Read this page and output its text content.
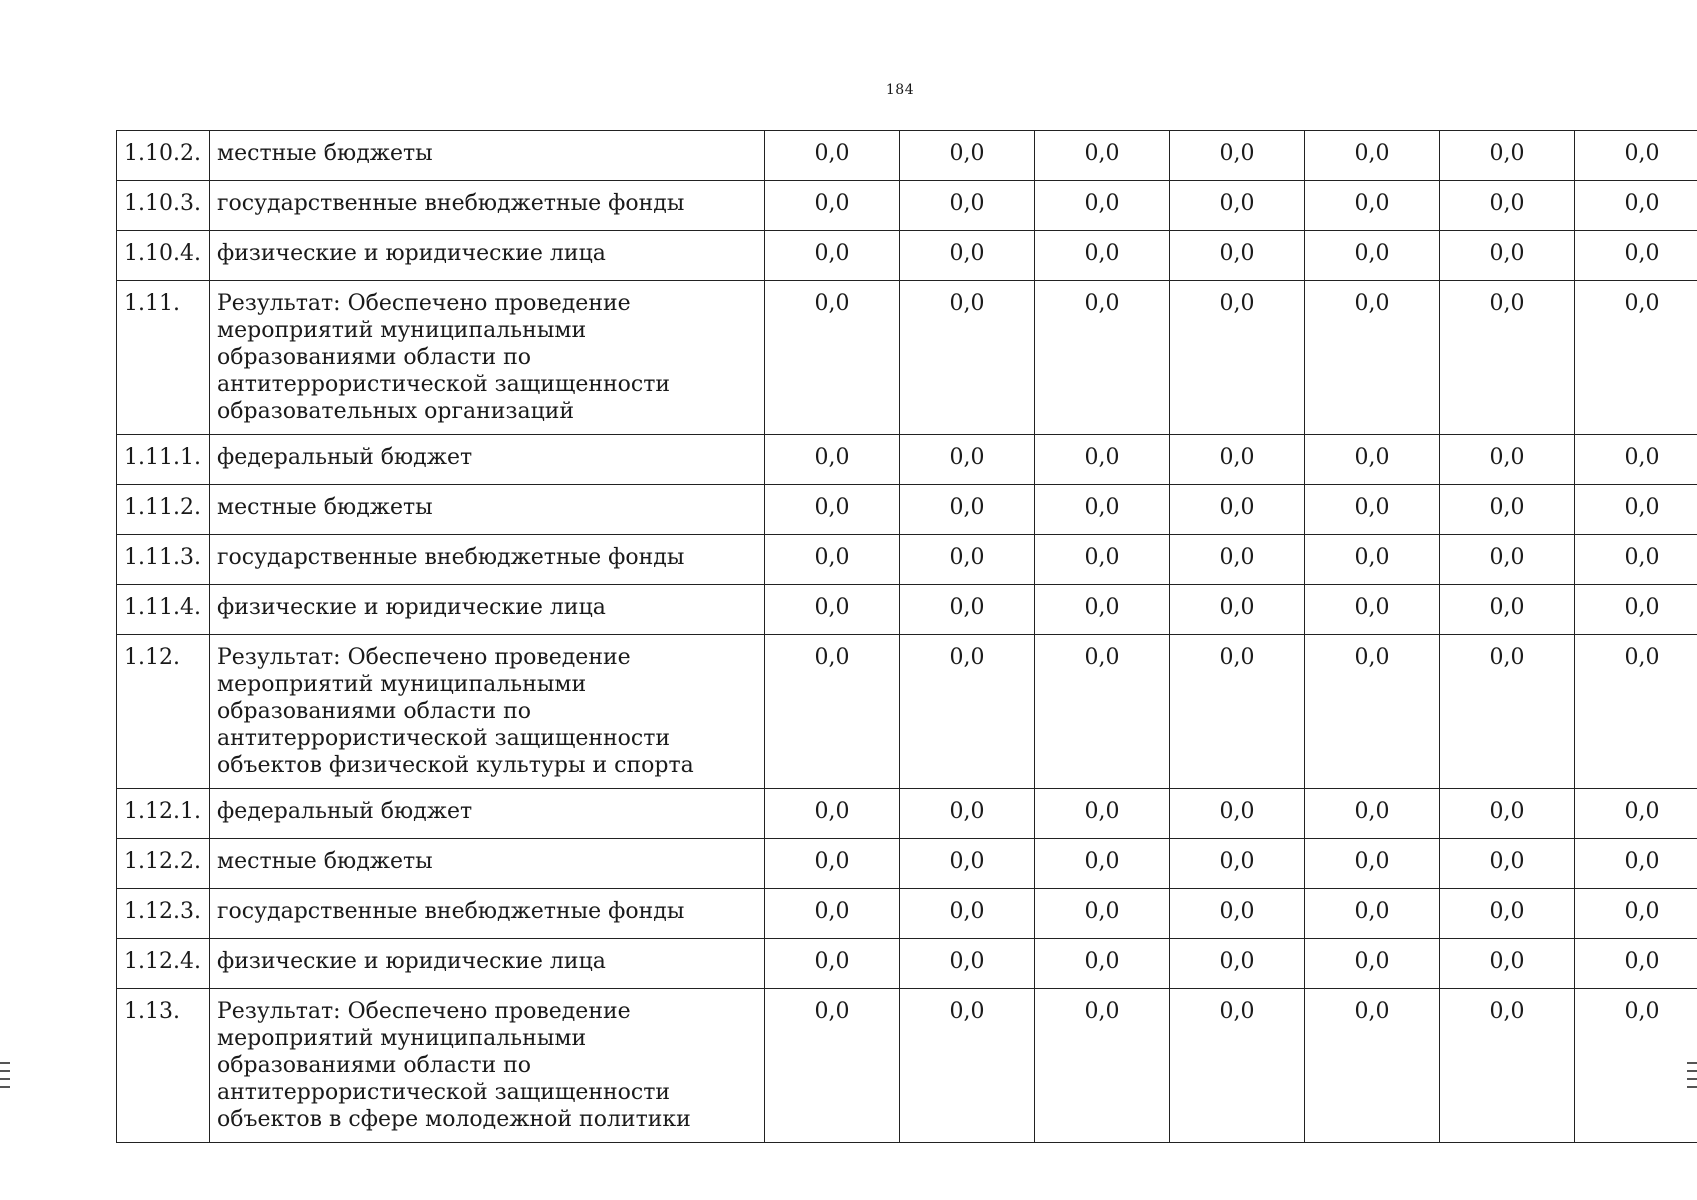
184
1.10.2.	местные бюджеты	0,0	0,0	0,0	0,0	0,0	0,0	0,0
1.10.3.	государственные внебюджетные фонды	0,0	0,0	0,0	0,0	0,0	0,0	0,0
1.10.4.	физические и юридические лица	0,0	0,0	0,0	0,0	0,0	0,0	0,0
1.11.	Результат: Обеспечено проведение мероприятий муниципальными образованиями области по антитеррористической защищенности образовательных организаций	0,0	0,0	0,0	0,0	0,0	0,0	0,0
1.11.1.	федеральный бюджет	0,0	0,0	0,0	0,0	0,0	0,0	0,0
1.11.2.	местные бюджеты	0,0	0,0	0,0	0,0	0,0	0,0	0,0
1.11.3.	государственные внебюджетные фонды	0,0	0,0	0,0	0,0	0,0	0,0	0,0
1.11.4.	физические и юридические лица	0,0	0,0	0,0	0,0	0,0	0,0	0,0
1.12.	Результат: Обеспечено проведение мероприятий муниципальными образованиями области по антитеррористической защищенности объектов физической культуры и спорта	0,0	0,0	0,0	0,0	0,0	0,0	0,0
1.12.1.	федеральный бюджет	0,0	0,0	0,0	0,0	0,0	0,0	0,0
1.12.2.	местные бюджеты	0,0	0,0	0,0	0,0	0,0	0,0	0,0
1.12.3.	государственные внебюджетные фонды	0,0	0,0	0,0	0,0	0,0	0,0	0,0
1.12.4.	физические и юридические лица	0,0	0,0	0,0	0,0	0,0	0,0	0,0
1.13.	Результат: Обеспечено проведение мероприятий муниципальными образованиями области по антитеррористической защищенности объектов в сфере молодежной политики	0,0	0,0	0,0	0,0	0,0	0,0	0,0
